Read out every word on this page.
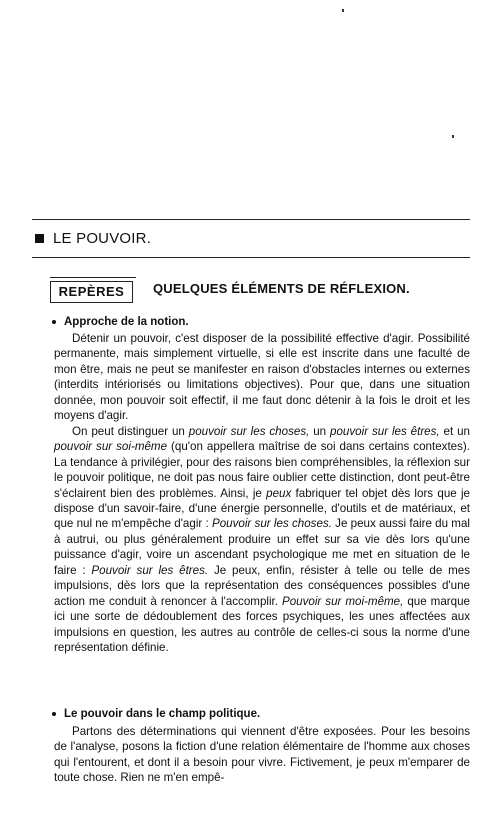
LE POUVOIR.
REPÈRES	QUELQUES ÉLÉMENTS DE RÉFLEXION.
Approche de la notion.

Détenir un pouvoir, c'est disposer de la possibilité effective d'agir. Possibilité permanente, mais simplement virtuelle, si elle est inscrite dans une faculté de mon être, mais ne peut se manifester en raison d'obstacles internes ou externes (interdits intériorisés ou limitations objectives). Pour que, dans une situation donnée, mon pouvoir soit effectif, il me faut donc détenir à la fois le droit et les moyens d'agir.

On peut distinguer un pouvoir sur les choses, un pouvoir sur les êtres, et un pouvoir sur soi-même (qu'on appellera maîtrise de soi dans certains contextes). La tendance à privilégier, pour des raisons bien compréhensibles, la réflexion sur le pouvoir politique, ne doit pas nous faire oublier cette distinction, dont peut-être s'éclairent bien des problèmes. Ainsi, je peux fabriquer tel objet dès lors que je dispose d'un savoir-faire, d'une énergie personnelle, d'outils et de matériaux, et que nul ne m'empêche d'agir : Pouvoir sur les choses. Je peux aussi faire du mal à autrui, ou plus généralement produire un effet sur sa vie dès lors qu'une puissance d'agir, voire un ascendant psychologique me met en situation de le faire : Pouvoir sur les êtres. Je peux, enfin, résister à telle ou telle de mes impulsions, dès lors que la représentation des conséquences possibles d'une action me conduit à renoncer à l'accomplir. Pouvoir sur moi-même, que marque ici une sorte de dédoublement des forces psychiques, les unes affectées aux impulsions en question, les autres au contrôle de celles-ci sous la norme d'une représentation définie.

Le pouvoir dans le champ politique.

Partons des déterminations qui viennent d'être exposées. Pour les besoins de l'analyse, posons la fiction d'une relation élémentaire de l'homme aux choses qui l'entourent, et dont il a besoin pour vivre. Fictivement, je peux m'emparer de toute chose. Rien ne m'en empê-
